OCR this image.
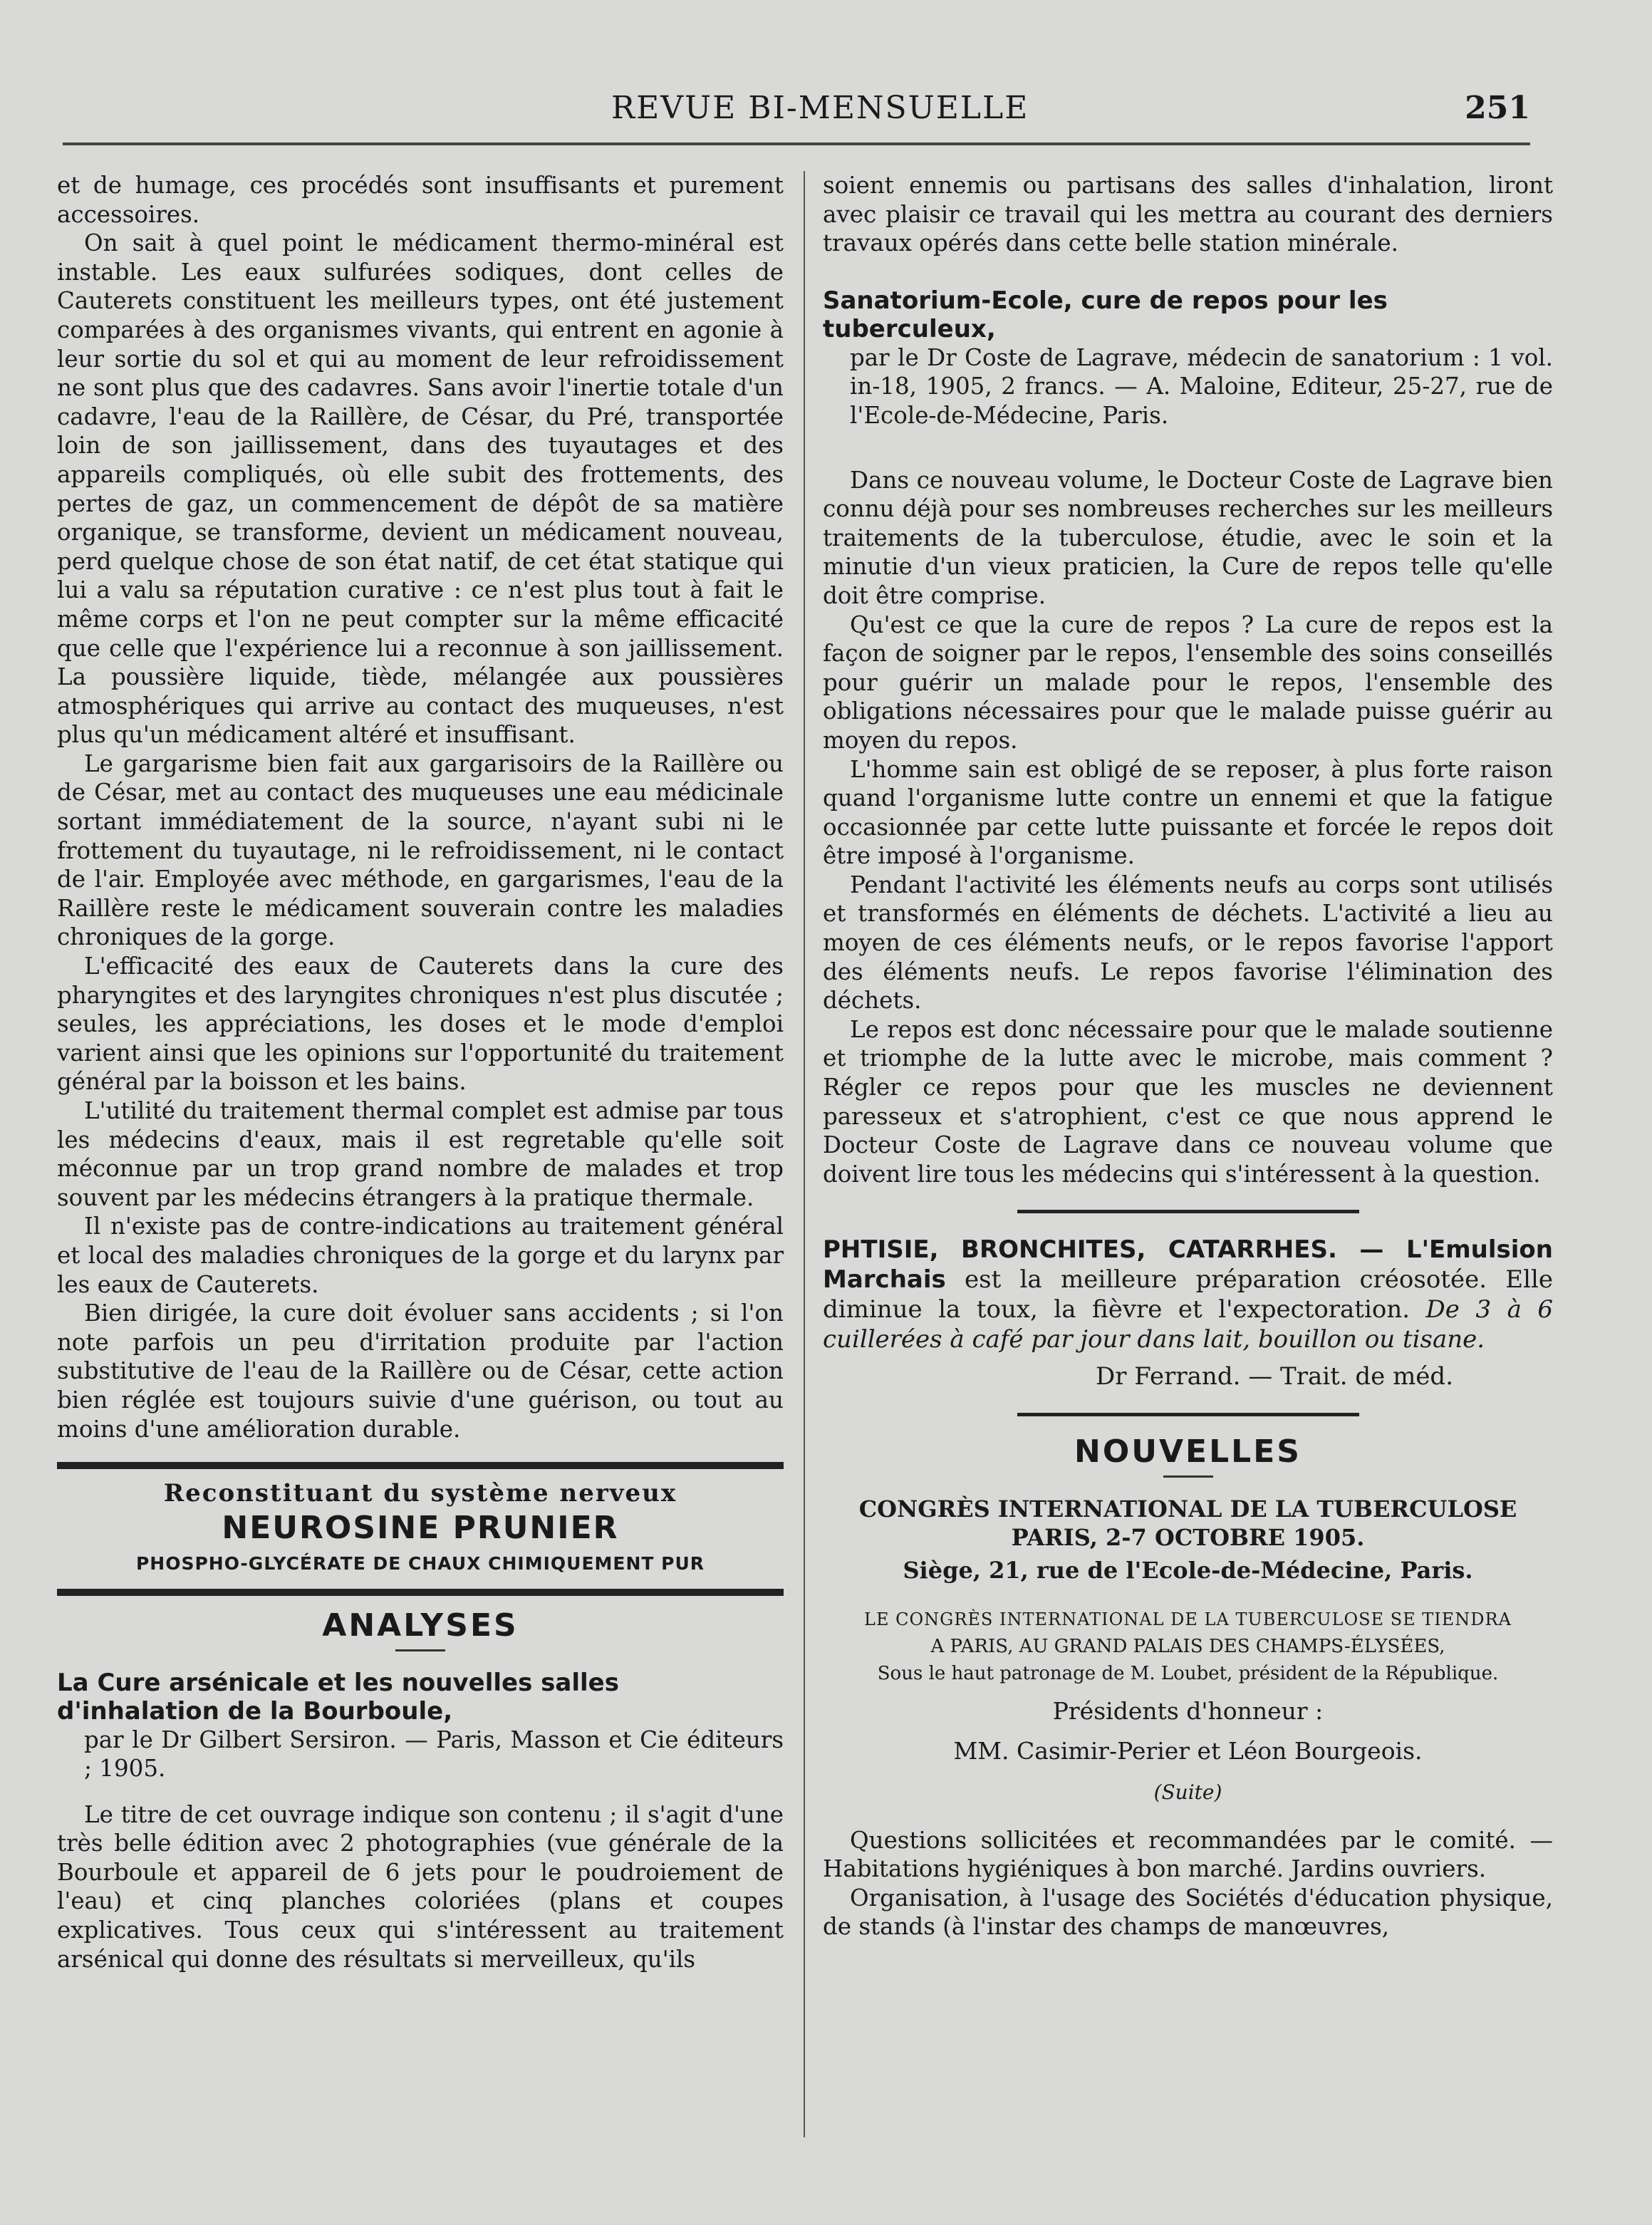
REVUE BI-MENSUELLE	251

et de humage, ces procédés sont insuffisants et purement accessoires.

On sait à quel point le médicament thermo-minéral est instable. Les eaux sulfurées sodiques, dont celles de Cauterets constituent les meilleurs types, ont été justement comparées à des organismes vivants, qui entrent en agonie à leur sortie du sol et qui au moment de leur refroidissement ne sont plus que des cadavres. Sans avoir l'inertie totale d'un cadavre, l'eau de la Raillère, de César, du Pré, transportée loin de son jaillissement, dans des tuyautages et des appareils compliqués, où elle subit des frottements, des pertes de gaz, un commencement de dépôt de sa matière organique, se transforme, devient un médicament nouveau, perd quelque chose de son état natif, de cet état statique qui lui a valu sa réputation curative : ce n'est plus tout à fait le même corps et l'on ne peut compter sur la même efficacité que celle que l'expérience lui a reconnue à son jaillissement. La poussière liquide, tiède, mélangée aux poussières atmosphériques qui arrive au contact des muqueuses, n'est plus qu'un médicament altéré et insuffisant.

Le gargarisme bien fait aux gargarisoirs de la Raillère ou de César, met au contact des muqueuses une eau médicinale sortant immédiatement de la source, n'ayant subi ni le frottement du tuyautage, ni le refroidissement, ni le contact de l'air. Employée avec méthode, en gargarismes, l'eau de la Raillère reste le médicament souverain contre les maladies chroniques de la gorge.

L'efficacité des eaux de Cauterets dans la cure des pharyngites et des laryngites chroniques n'est plus discutée ; seules, les appréciations, les doses et le mode d'emploi varient ainsi que les opinions sur l'opportunité du traitement général par la boisson et les bains.

L'utilité du traitement thermal complet est admise par tous les médecins d'eaux, mais il est regretable qu'elle soit méconnue par un trop grand nombre de malades et trop souvent par les médecins étrangers à la pratique thermale.

Il n'existe pas de contre-indications au traitement général et local des maladies chroniques de la gorge et du larynx par les eaux de Cauterets.

Bien dirigée, la cure doit évoluer sans accidents ; si l'on note parfois un peu d'irritation produite par l'action substitutive de l'eau de la Raillère ou de César, cette action bien réglée est toujours suivie d'une guérison, ou tout au moins d'une amélioration durable.

Reconstituant du système nerveux
NEUROSINE PRUNIER
PHOSPHO-GLYCÉRATE DE CHAUX CHIMIQUEMENT PUR
ANALYSES
La Cure arsénicale et les nouvelles salles d'inhalation de la Bourboule,

par le Dr Gilbert Sersiron. — Paris, Masson et Cie éditeurs ; 1905.

Le titre de cet ouvrage indique son contenu ; il s'agit d'une très belle édition avec 2 photographies (vue générale de la Bourboule et appareil de 6 jets pour le poudroiement de l'eau) et cinq planches coloriées (plans et coupes explicatives. Tous ceux qui s'intéressent au traitement arsénical qui donne des résultats si merveilleux, qu'ils

soient ennemis ou partisans des salles d'inhalation, liront avec plaisir ce travail qui les mettra au courant des derniers travaux opérés dans cette belle station minérale.

Sanatorium-Ecole, cure de repos pour les tuberculeux,

par le Dr Coste de Lagrave, médecin de sanatorium : 1 vol. in-18, 1905, 2 francs. — A. Maloine, Editeur, 25-27, rue de l'Ecole-de-Médecine, Paris.

Dans ce nouveau volume, le Docteur Coste de Lagrave bien connu déjà pour ses nombreuses recherches sur les meilleurs traitements de la tuberculose, étudie, avec le soin et la minutie d'un vieux praticien, la Cure de repos telle qu'elle doit être comprise.

Qu'est ce que la cure de repos ? La cure de repos est la façon de soigner par le repos, l'ensemble des soins conseillés pour guérir un malade pour le repos, l'ensemble des obligations nécessaires pour que le malade puisse guérir au moyen du repos.

L'homme sain est obligé de se reposer, à plus forte raison quand l'organisme lutte contre un ennemi et que la fatigue occasionnée par cette lutte puissante et forcée le repos doit être imposé à l'organisme.

Pendant l'activité les éléments neufs au corps sont utilisés et transformés en éléments de déchets. L'activité a lieu au moyen de ces éléments neufs, or le repos favorise l'apport des éléments neufs. Le repos favorise l'élimination des déchets.

Le repos est donc nécessaire pour que le malade soutienne et triomphe de la lutte avec le microbe, mais comment ? Régler ce repos pour que les muscles ne deviennent paresseux et s'atrophient, c'est ce que nous apprend le Docteur Coste de Lagrave dans ce nouveau volume que doivent lire tous les médecins qui s'intéressent à la question.

PHTISIE, BRONCHITES, CATARRHES. — L'Emulsion Marchais est la meilleure préparation créosotée. Elle diminue la toux, la fièvre et l'expectoration. De 3 à 6 cuillerées à café par jour dans lait, bouillon ou tisane.
Dr Ferrand. — Trait. de méd.
NOUVELLES
CONGRÈS INTERNATIONAL DE LA TUBERCULOSE
PARIS, 2-7 OCTOBRE 1905.
Siège, 21, rue de l'Ecole-de-Médecine, Paris.
LE CONGRÈS INTERNATIONAL DE LA TUBERCULOSE SE TIENDRA
A PARIS, AU GRAND PALAIS DES CHAMPS-ÉLYSÉES,
Sous le haut patronage de M. Loubet, président de la République.
Présidents d'honneur :
MM. Casimir-Perier et Léon Bourgeois.
(Suite)

Questions sollicitées et recommandées par le comité. — Habitations hygiéniques à bon marché. Jardins ouvriers.

Organisation, à l'usage des Sociétés d'éducation physique, de stands (à l'instar des champs de manœuvres,
